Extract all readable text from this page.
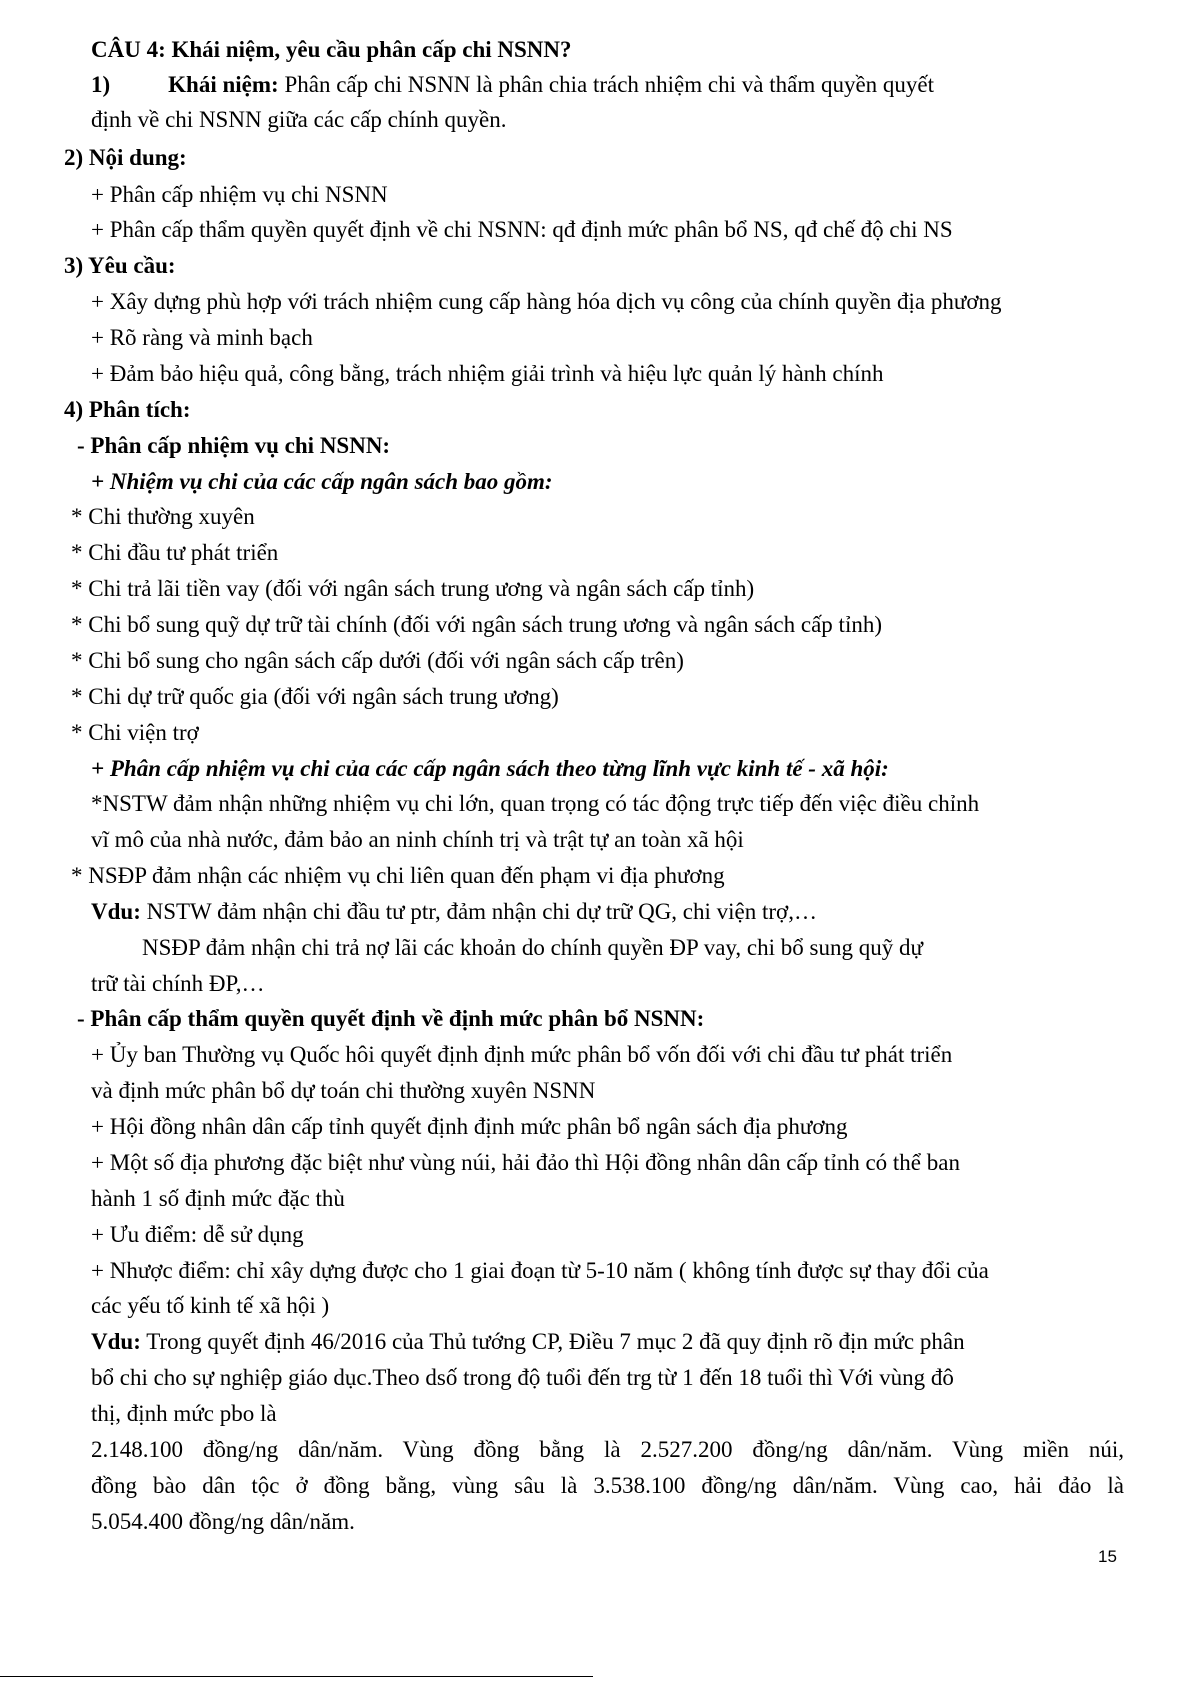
CÂU 4: Khái niệm, yêu cầu phân cấp chi NSNN?
1)	Khái niệm: Phân cấp chi NSNN là phân chia trách nhiệm chi và thẩm quyền quyết
định về chi NSNN giữa các cấp chính quyền.
2) Nội dung:
+ Phân cấp nhiệm vụ chi NSNN
+ Phân cấp thẩm quyền quyết định về chi NSNN: qđ định mức phân bổ NS, qđ chế độ chi NS
3) Yêu cầu:
+ Xây dựng phù hợp với trách nhiệm cung cấp hàng hóa dịch vụ công của chính quyền địa phương
+ Rõ ràng và minh bạch
+ Đảm bảo hiệu quả, công bằng, trách nhiệm giải trình và hiệu lực quản lý hành chính
4) Phân tích:
- Phân cấp nhiệm vụ chi NSNN:
+ Nhiệm vụ chi của các cấp ngân sách bao gồm:
* Chi thường xuyên
* Chi đầu tư phát triển
* Chi trả lãi tiền vay (đối với ngân sách trung ương và ngân sách cấp tỉnh)
* Chi bổ sung quỹ dự trữ tài chính (đối với ngân sách trung ương và ngân sách cấp tỉnh)
* Chi bổ sung cho ngân sách cấp dưới (đối với ngân sách cấp trên)
* Chi dự trữ quốc gia (đối với ngân sách trung ương)
* Chi viện trợ
+ Phân cấp nhiệm vụ chi của các cấp ngân sách theo từng lĩnh vực kinh tế - xã hội:
*NSTW đảm nhận những nhiệm vụ chi lớn, quan trọng có tác động trực tiếp đến việc điều chỉnh
vĩ mô của nhà nước, đảm bảo an ninh chính trị và trật tự an toàn xã hội
* NSĐP đảm nhận các nhiệm vụ chi liên quan đến phạm vi địa phương
Vdu: NSTW đảm nhận chi đầu tư ptr, đảm nhận chi dự trữ QG, chi viện trợ,…
NSĐP đảm nhận chi trả nợ lãi các khoản do chính quyền ĐP vay, chi bổ sung quỹ dự
trữ tài chính ĐP,…
- Phân cấp thẩm quyền quyết định về định mức phân bổ NSNN:
+ Ủy ban Thường vụ Quốc hôi quyết định định mức phân bổ vốn đối với chi đầu tư phát triển
và định mức phân bổ dự toán chi thường xuyên NSNN
+ Hội đồng nhân dân cấp tỉnh quyết định định mức phân bổ ngân sách địa phương
+ Một số địa phương đặc biệt như vùng núi, hải đảo thì Hội đồng nhân dân cấp tỉnh có thể ban
hành 1 số định mức đặc thù
+ Ưu điểm: dễ sử dụng
+ Nhược điểm: chỉ xây dựng được cho 1 giai đoạn từ 5-10 năm ( không tính được sự thay đổi của
các yếu tố kinh tế xã hội )
Vdu: Trong quyết định 46/2016 của Thủ tướng CP, Điều 7 mục 2 đã quy định rõ địn mức phân
bổ chi cho sự nghiệp giáo dục.Theo dsố trong độ tuổi đến trg từ 1 đến 18 tuổi thì Với vùng đô
thị, định mức pbo là
2.148.100 đồng/ng dân/năm. Vùng đồng bằng là 2.527.200 đồng/ng dân/năm. Vùng miền núi,
đồng bào dân tộc ở đồng bằng, vùng sâu là 3.538.100 đồng/ng dân/năm. Vùng cao, hải đảo là
5.054.400 đồng/ng dân/năm.
15
